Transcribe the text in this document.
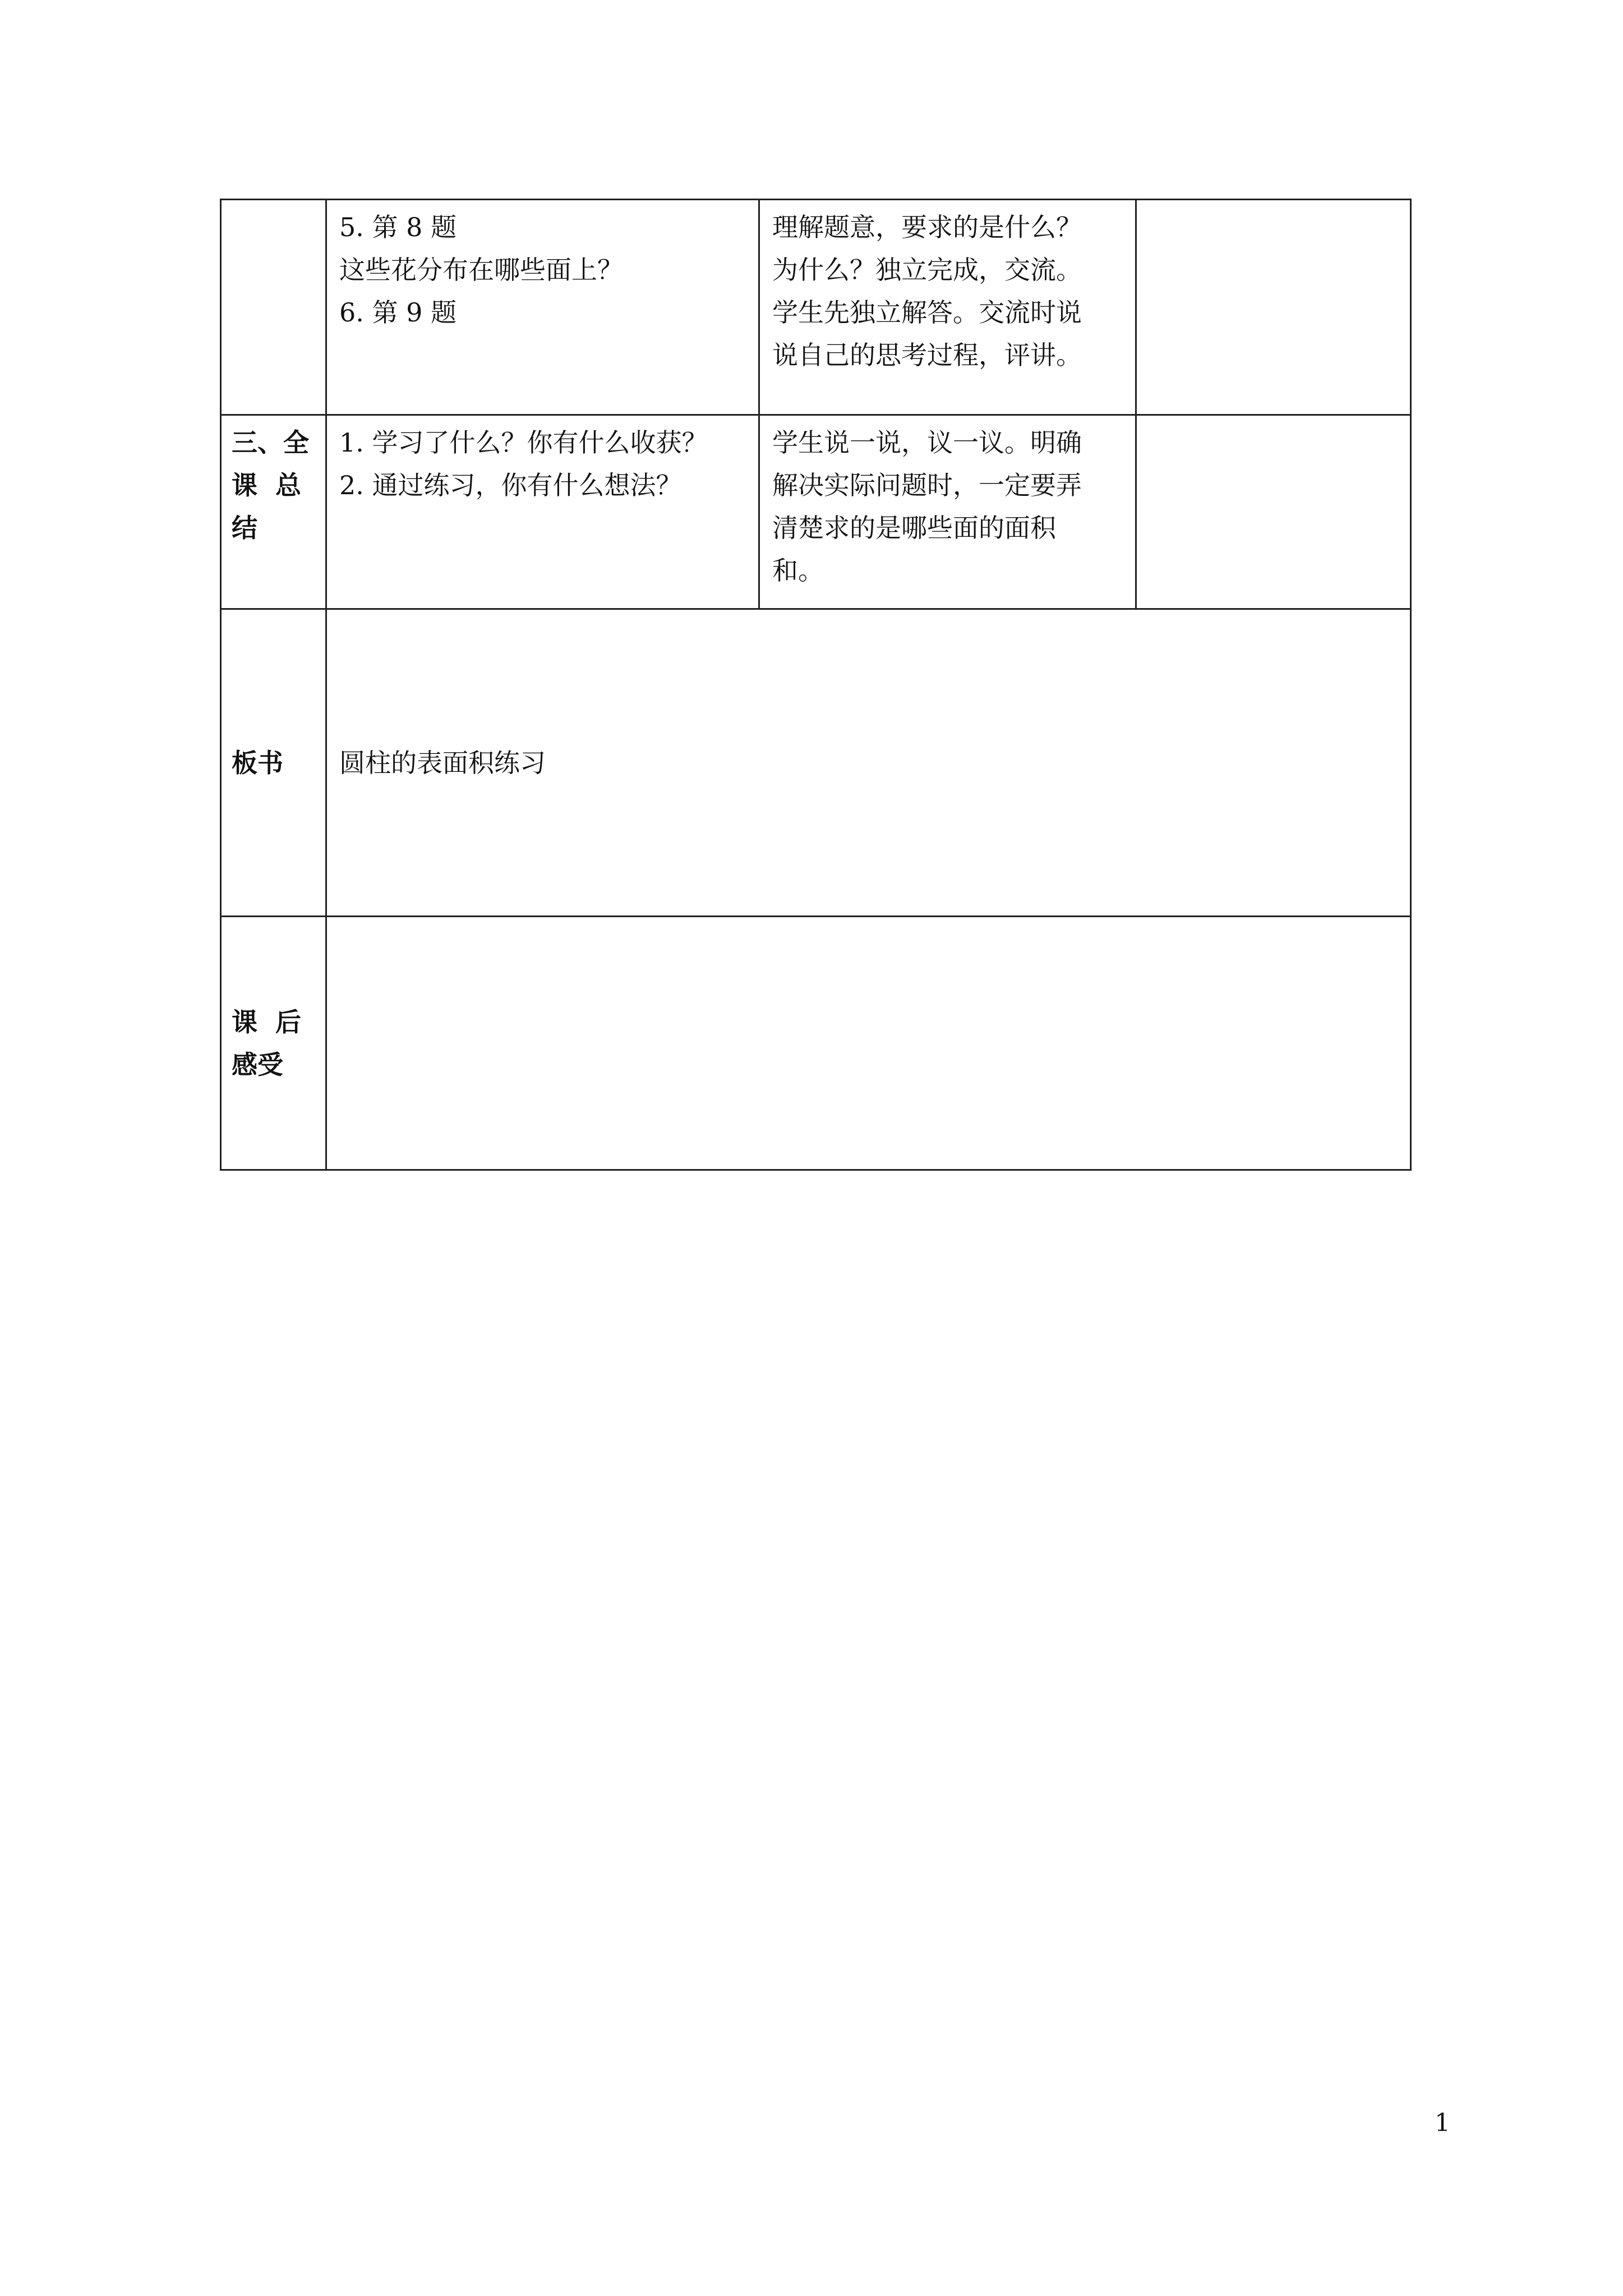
	5. 第 8 题
这些花分布在哪些面上？
6. 第 9 题	理解题意，要求的是什么？
为什么？独立完成，交流。
学生先独立解答。交流时说
说自己的思考过程，评讲。	

三、全
课  总
结	1. 学习了什么？你有什么收获？
2. 通过练习，你有什么想法？	学生说一说，议一议。明确
解决实际问题时，一定要弄
清楚求的是哪些面的面积
和。	

板书	圆柱的表面积练习		

课  后
感受			

1
